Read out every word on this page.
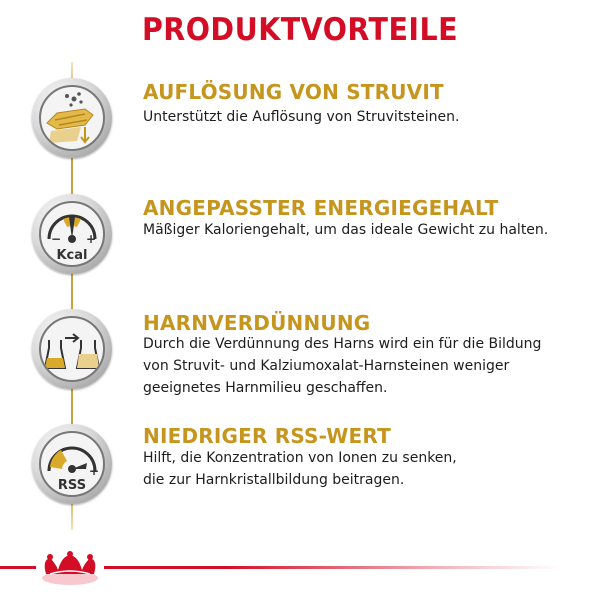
PRODUKTVORTEILE
AUFLÖSUNG VON STRUVIT
Unterstützt die Auflösung von Struvitsteinen.
− +
Kcal
ANGEPASSTER ENERGIEGEHALT
Mäßiger Kaloriengehalt, um das ideale Gewicht zu halten.
HARNVERDÜNNUNG
Durch die Verdünnung des Harns wird ein für die Bildung
von Struvit- und Kalziumoxalat-Harnsteinen weniger
geeignetes Harnmilieu geschaffen.
+
RSS
NIEDRIGER RSS-WERT
Hilft, die Konzentration von Ionen zu senken,
die zur Harnkristallbildung beitragen.
